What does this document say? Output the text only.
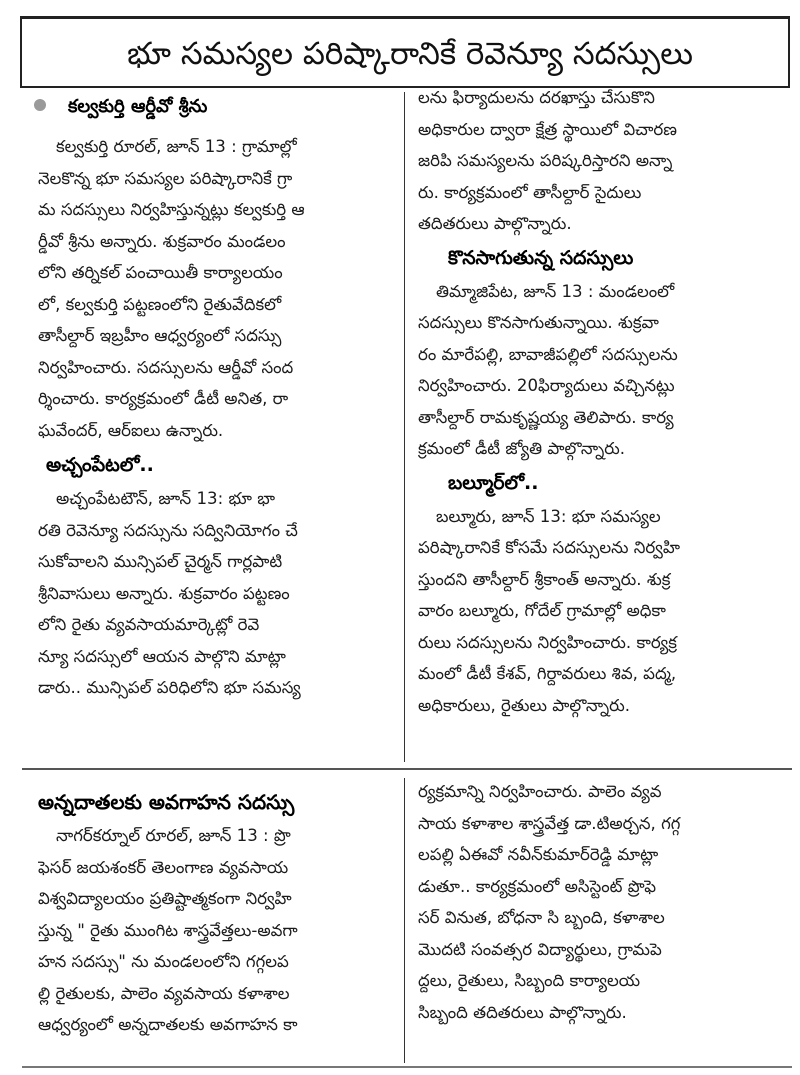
భూ సమస్యల పరిష్కారానికే రెవెన్యూ సదస్సులు
కల్వకుర్తి ఆర్డీవో శ్రీను
కల్వకుర్తి రూరల్, జూన్ 13 : గ్రామాల్లో
నెలకొన్న భూ సమస్యల పరిష్కారానికే గ్రా
మ సదస్సులు నిర్వహిస్తున్నట్లు కల్వకుర్తి ఆ
ర్డీవో శ్రీను అన్నారు. శుక్రవారం మండలం
లోని తర్నికల్ పంచాయితీ కార్యాలయం
లో, కల్వకుర్తి పట్టణంలోని రైతువేదికలో
తాసీల్దార్ ఇబ్రహీం ఆధ్వర్యంలో సదస్సు
నిర్వహించారు. సదస్సులను ఆర్డీవో సంద
ర్శించారు. కార్యక్రమంలో డీటీ అనిత, రా
ఘవేందర్, ఆర్ఐలు ఉన్నారు.
అచ్చంపేటలో..
అచ్చంపేటటౌన్, జూన్ 13: భూ భా
రతి రెవెన్యూ సదస్సును సద్వినియోగం చే
సుకోవాలని మున్సిపల్ చైర్మన్ గార్లపాటి
శ్రీనివాసులు అన్నారు. శుక్రవారం పట్టణం
లోని రైతు వ్యవసాయమార్కెట్లో రెవె
న్యూ సదస్సులో ఆయన పాల్గొని మాట్లా
డారు.. మున్సిపల్ పరిధిలోని భూ సమస్య
లను ఫిర్యాదులను దరఖాస్తు చేసుకొని
అధికారుల ద్వారా క్షేత్ర స్థాయిలో విచారణ
జరిపి సమస్యలను పరిష్కరిస్తారని అన్నా
రు. కార్యక్రమంలో తాసీల్దార్ సైదులు
తదితరులు పాల్గొన్నారు.
కొనసాగుతున్న సదస్సులు
తిమ్మాజిపేట, జూన్ 13 : మండలంలో
సదస్సులు కొనసాగుతున్నాయి. శుక్రవా
రం మారేపల్లి, బావాజీపల్లిలో సదస్సులను
నిర్వహించారు. 20ఫిర్యాదులు వచ్చినట్లు
తాసీల్దార్ రామకృష్ణయ్య తెలిపారు. కార్య
క్రమంలో డీటీ జ్యోతి పాల్గొన్నారు.
బల్మూర్‌లో..
బల్మూరు, జూన్ 13: భూ సమస్యల
పరిష్కారానికే కోసమే సదస్సులను నిర్వహి
స్తుందని తాసీల్దార్ శ్రీకాంత్ అన్నారు. శుక్ర
వారం బల్మూరు, గోదేల్ గ్రామాల్లో అధికా
రులు సదస్సులను నిర్వహించారు. కార్యక్ర
మంలో డీటీ కేశవ్, గిర్దావరులు శివ, పద్మ,
అధికారులు, రైతులు పాల్గొన్నారు.
అన్నదాతలకు అవగాహన సదస్సు
నాగర్‌కర్నూల్ రూరల్, జూన్ 13 : ప్రొ
ఫెసర్ జయశంకర్ తెలంగాణ వ్యవసాయ
విశ్వవిద్యాలయం ప్రతిష్టాత్మకంగా నిర్వహి
స్తున్న " రైతు ముంగిట శాస్త్రవేత్తలు-అవగా
హన సదస్సు" ను మండలంలోని గగ్గలప
ల్లి రైతులకు, పాలెం వ్యవసాయ కళాశాల
ఆధ్వర్యంలో అన్నదాతలకు అవగాహన కా
ర్యక్రమాన్ని నిర్వహించారు. పాలెం వ్యవ
సాయ కళాశాల శాస్త్రవేత్త డా.టిఅర్చన, గగ్గ
లపల్లి ఏఈవో నవీన్‌కుమార్‌రెడ్డి మాట్లా
డుతూ.. కార్యక్రమంలో అసిస్టెంట్ ప్రొఫె
సర్ వినుత, బోధనా సి బ్బంది, కళాశాల
మొదటి సంవత్సర విద్యార్థులు, గ్రామపె
ద్దలు, రైతులు, సిబ్బంది కార్యాలయ
సిబ్బంది తదితరులు పాల్గొన్నారు.
